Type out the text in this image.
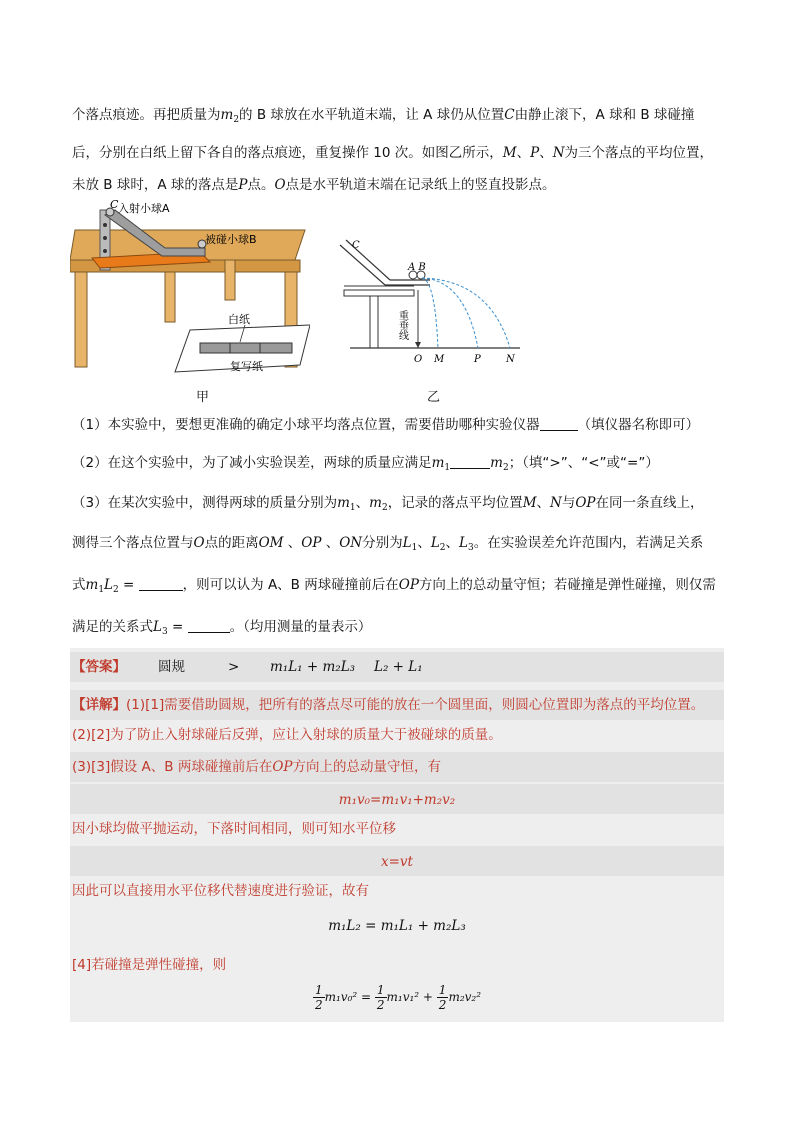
个落点痕迹。再把质量为$m_2$的 B 球放在水平轨道末端，让 A 球仍从位置C由静止滚下，A 球和 B 球碰撞
后，分别在白纸上留下各自的落点痕迹，重复操作 10 次。如图乙所示，M、P、N为三个落点的平均位置，
未放 B 球时，A 球的落点是P点。O点是水平轨道末端在记录纸上的竖直投影点。
C 入射小球A
被碰小球B
白纸
复写纸
甲
C
A B
重垂线
O M	P	N
乙
（1）本实验中，要想更准确的确定小球平均落点位置，需要借助哪种实验仪器	（填仪器名称即可）
（2）在这个实验中，为了减小实验误差，两球的质量应满足$m_1$	$m_2$；（填“>”、“<”或“=”）
（3）在某次实验中，测得两球的质量分别为$m_1$、$m_2$，记录的落点平均位置M、N与OP在同一条直线上，
测得三个落点位置与O点的距离OM 、OP 、ON分别为$L_1$、$L_2$、$L_3$。在实验误差允许范围内，若满足关系
式$m_1L_2$ =	，则可以认为 A、B 两球碰撞前后在OP方向上的总动量守恒；若碰撞是弹性碰撞，则仅需
满足的关系式$L_3$ =	。（均用测量的量表示）
【答案】 圆规	> m₁L₁ + m₂L₃ L₂ + L₁
【详解】(1)[1]需要借助圆规，把所有的落点尽可能的放在一个圆里面，则圆心位置即为落点的平均位置。
(2)[2]为了防止入射球碰后反弹，应让入射球的质量大于被碰球的质量。
(3)[3]假设 A、B 两球碰撞前后在OP方向上的总动量守恒，有
m₁v₀=m₁v₁+m₂v₂
因小球均做平抛运动，下落时间相同，则可知水平位移
x=vt
因此可以直接用水平位移代替速度进行验证，故有
m₁L₂ = m₁L₁ + m₂L₃
[4]若碰撞是弹性碰撞，则
$\frac{1}{2} m_1v_0^2 = \frac{1}{2} m_1v_1^2 + \frac{1}{2} m_2v_2^2$
